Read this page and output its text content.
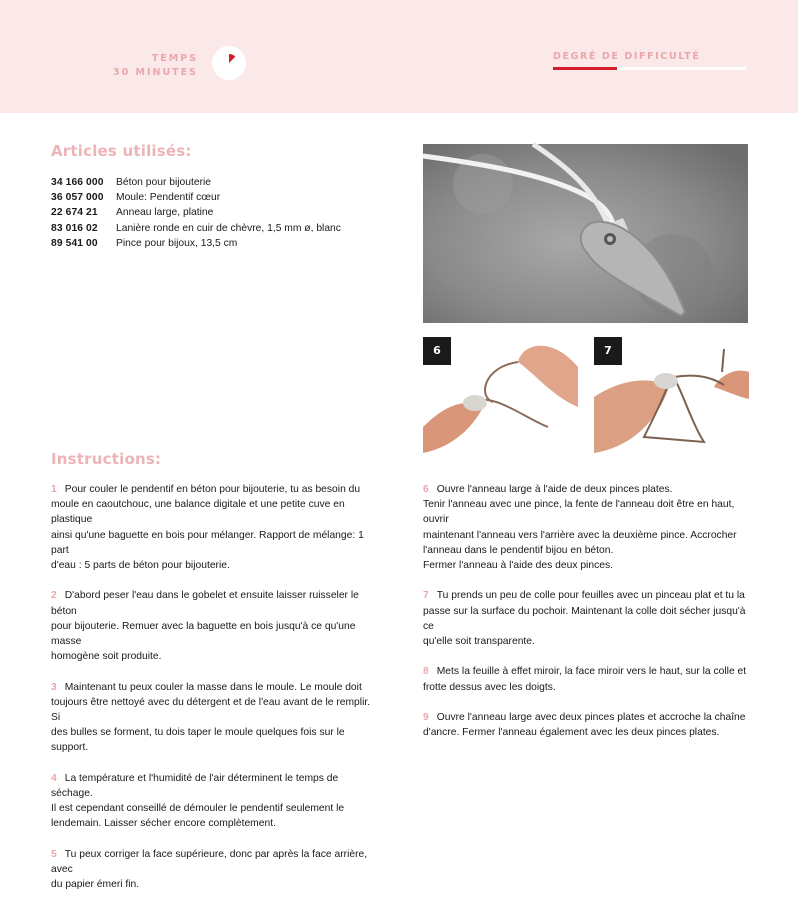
TEMPS
30 MINUTES
DEGRÉ DE DIFFICULTÉ
Articles utilisés:
34 166 000	Béton pour bijouterie
36 057 000	Moule: Pendentif cœur
22 674 21	Anneau large, platine
83 016 02	Lanière ronde en cuir de chèvre, 1,5 mm ø, blanc
89 541 00	Pince pour bijoux, 13,5 cm
6	7
Instructions:
1 Pour couler le pendentif en béton pour bijouterie, tu as besoin du
moule en caoutchouc, une balance digitale et une petite cuve en plastique
ainsi qu'une baguette en bois pour mélanger. Rapport de mélange: 1 part
d'eau : 5 parts de béton pour bijouterie.
2 D'abord peser l'eau dans le gobelet et ensuite laisser ruisseler le béton
pour bijouterie. Remuer avec la baguette en bois jusqu'à ce qu'une masse
homogène soit produite.
3 Maintenant tu peux couler la masse dans le moule. Le moule doit
toujours être nettoyé avec du détergent et de l'eau avant de le remplir. Si
des bulles se forment, tu dois taper le moule quelques fois sur le support.
4 La température et l'humidité de l'air déterminent le temps de séchage.
Il est cependant conseillé de démouler le pendentif seulement le
lendemain. Laisser sécher encore complètement.
5 Tu peux corriger la face supérieure, donc par après la face arrière, avec
du papier émeri fin.
6 Ouvre l'anneau large à l'aide de deux pinces plates.
Tenir l'anneau avec une pince, la fente de l'anneau doit être en haut, ouvrir
maintenant l'anneau vers l'arrière avec la deuxième pince. Accrocher
l'anneau dans le pendentif bijou en béton.
Fermer l'anneau à l'aide des deux pinces.
7 Tu prends un peu de colle pour feuilles avec un pinceau plat et tu la
passe sur la surface du pochoir. Maintenant la colle doit sécher jusqu'à ce
qu'elle soit transparente.
8 Mets la feuille à effet miroir, la face miroir vers le haut, sur la colle et
frotte dessus avec les doigts.
9 Ouvre l'anneau large avec deux pinces plates et accroche la chaîne
d'ancre. Fermer l'anneau également avec les deux pinces plates.
